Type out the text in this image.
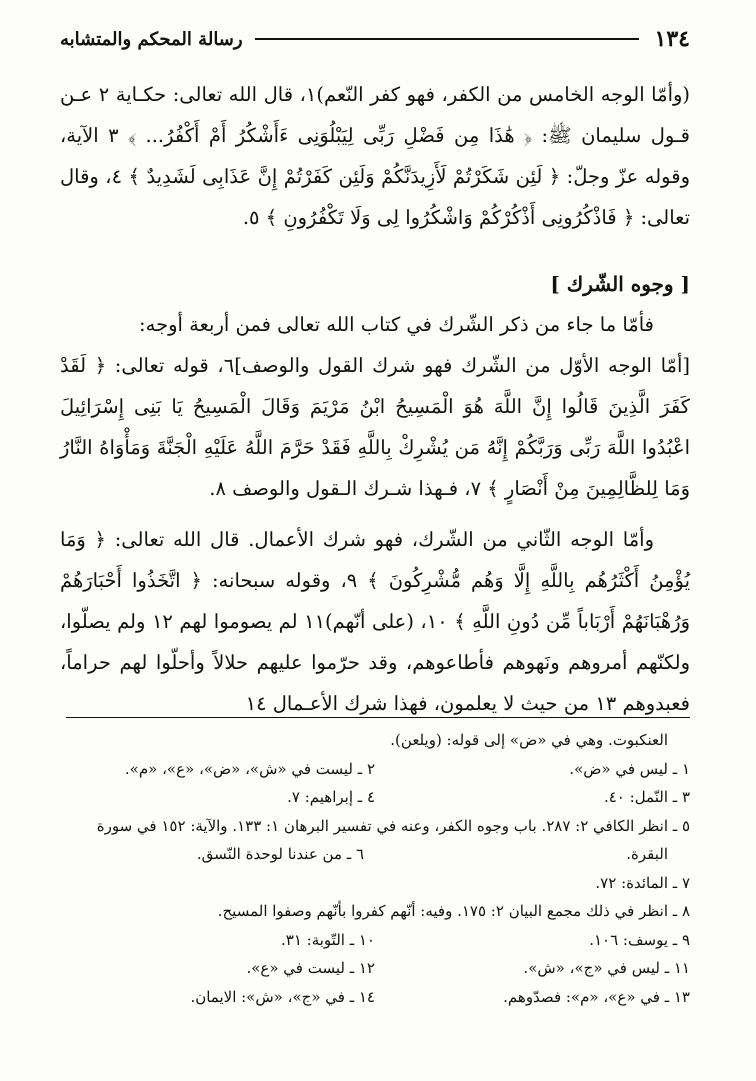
١٣٤
رسالة المحكم والمتشابه

(وأمّا الوجه الخامس من الكفر، فهو كفر النّعم)١، قال الله تعالى: حكـاية ٢ عـن قـول سليمان ﷺ: ﴿ هَٰذَا مِن فَضْلِ رَبِّى لِيَبْلُوَنِى ءَأَشْكُرُ أَمْ أَكْفُرُ... ﴾ ٣ الآية، وقوله عزّ وجلّ: ﴿ لَئِن شَكَرْتُمْ لَأَزِيدَنَّكُمْ وَلَئِن كَفَرْتُمْ إِنَّ عَذَابِى لَشَدِيدٌ ﴾ ٤، وقال تعالى: ﴿ فَاذْكُرُونِى أَذْكُرْكُمْ وَاشْكُرُوا لِى وَلَا تَكْفُرُونِ ﴾ ٥.

[ وجوه الشّرك ]

فأمّا ما جاء من ذكر الشّرك في كتاب الله تعالى فمن أربعة أوجه:

[أمّا الوجه الأوّل من الشّرك فهو شرك القول والوصف]٦، قوله تعالى: ﴿ لَقَدْ كَفَرَ الَّذِينَ قَالُوا إِنَّ اللَّهَ هُوَ الْمَسِيحُ ابْنُ مَرْيَمَ وَقَالَ الْمَسِيحُ يَا بَنِى إِسْرَائِيلَ اعْبُدُوا اللَّهَ رَبِّى وَرَبَّكُمْ إِنَّهُ مَن يُشْرِكْ بِاللَّهِ فَقَدْ حَرَّمَ اللَّهُ عَلَيْهِ الْجَنَّةَ وَمَأْوَاهُ النَّارُ وَمَا لِلظَّالِمِينَ مِنْ أَنْصَارٍ ﴾ ٧، فـهذا شـرك الـقول والوصف ٨.

وأمّا الوجه الثّاني من الشّرك، فهو شرك الأعمال. قال الله تعالى: ﴿ وَمَا يُؤْمِنُ أَكْثَرُهُم بِاللَّهِ إِلَّا وَهُم مُّشْرِكُونَ ﴾ ٩، وقوله سبحانه: ﴿ اتَّخَذُوا أَحْبَارَهُمْ وَرُهْبَانَهُمْ أَرْبَاباً مِّن دُونِ اللَّهِ ﴾ ١٠، (على أنّهم)١١ لم يصوموا لهم ١٢ ولم يصلّوا، ولكنّهم أمروهم ونَهوهم فأطاعوهم، وقد حرّموا عليهم حلالاً وأحلّوا لهم حراماً، فعبدوهم ١٣ من حيث لا يعلمون، فهذا شرك الأعـمال ١٤

العنكبوت. وهي في «ض» إلى قوله: (ويلعن).
١ ـ ليس في «ض».
٢ ـ ليست في «ش»، «ض»، «ع»، «م».
٣ ـ النّمل: ٤٠.
٤ ـ إبراهيم: ٧.
٥ ـ انظر الكافي ٢: ٢٨٧. باب وجوه الكفر، وعنه في تفسير البرهان ١: ١٣٣. والآية: ١٥٢ في سورة
البقرة.
٦ ـ من عندنا لوحدة النّسق.
٧ ـ المائدة: ٧٢.
٨ ـ انظر في ذلك مجمع البيان ٢: ١٧٥. وفيه: أنّهم كفروا بأنّهم وصفوا المسيح.
٩ ـ يوسف: ١٠٦.
١٠ ـ التّوبة: ٣١.
١١ ـ ليس في «ج»، «ش».
١٢ ـ ليست في «ع».
١٣ ـ في «ع»، «م»: فصدّوهم.
١٤ ـ في «ج»، «ش»: الايمان.
